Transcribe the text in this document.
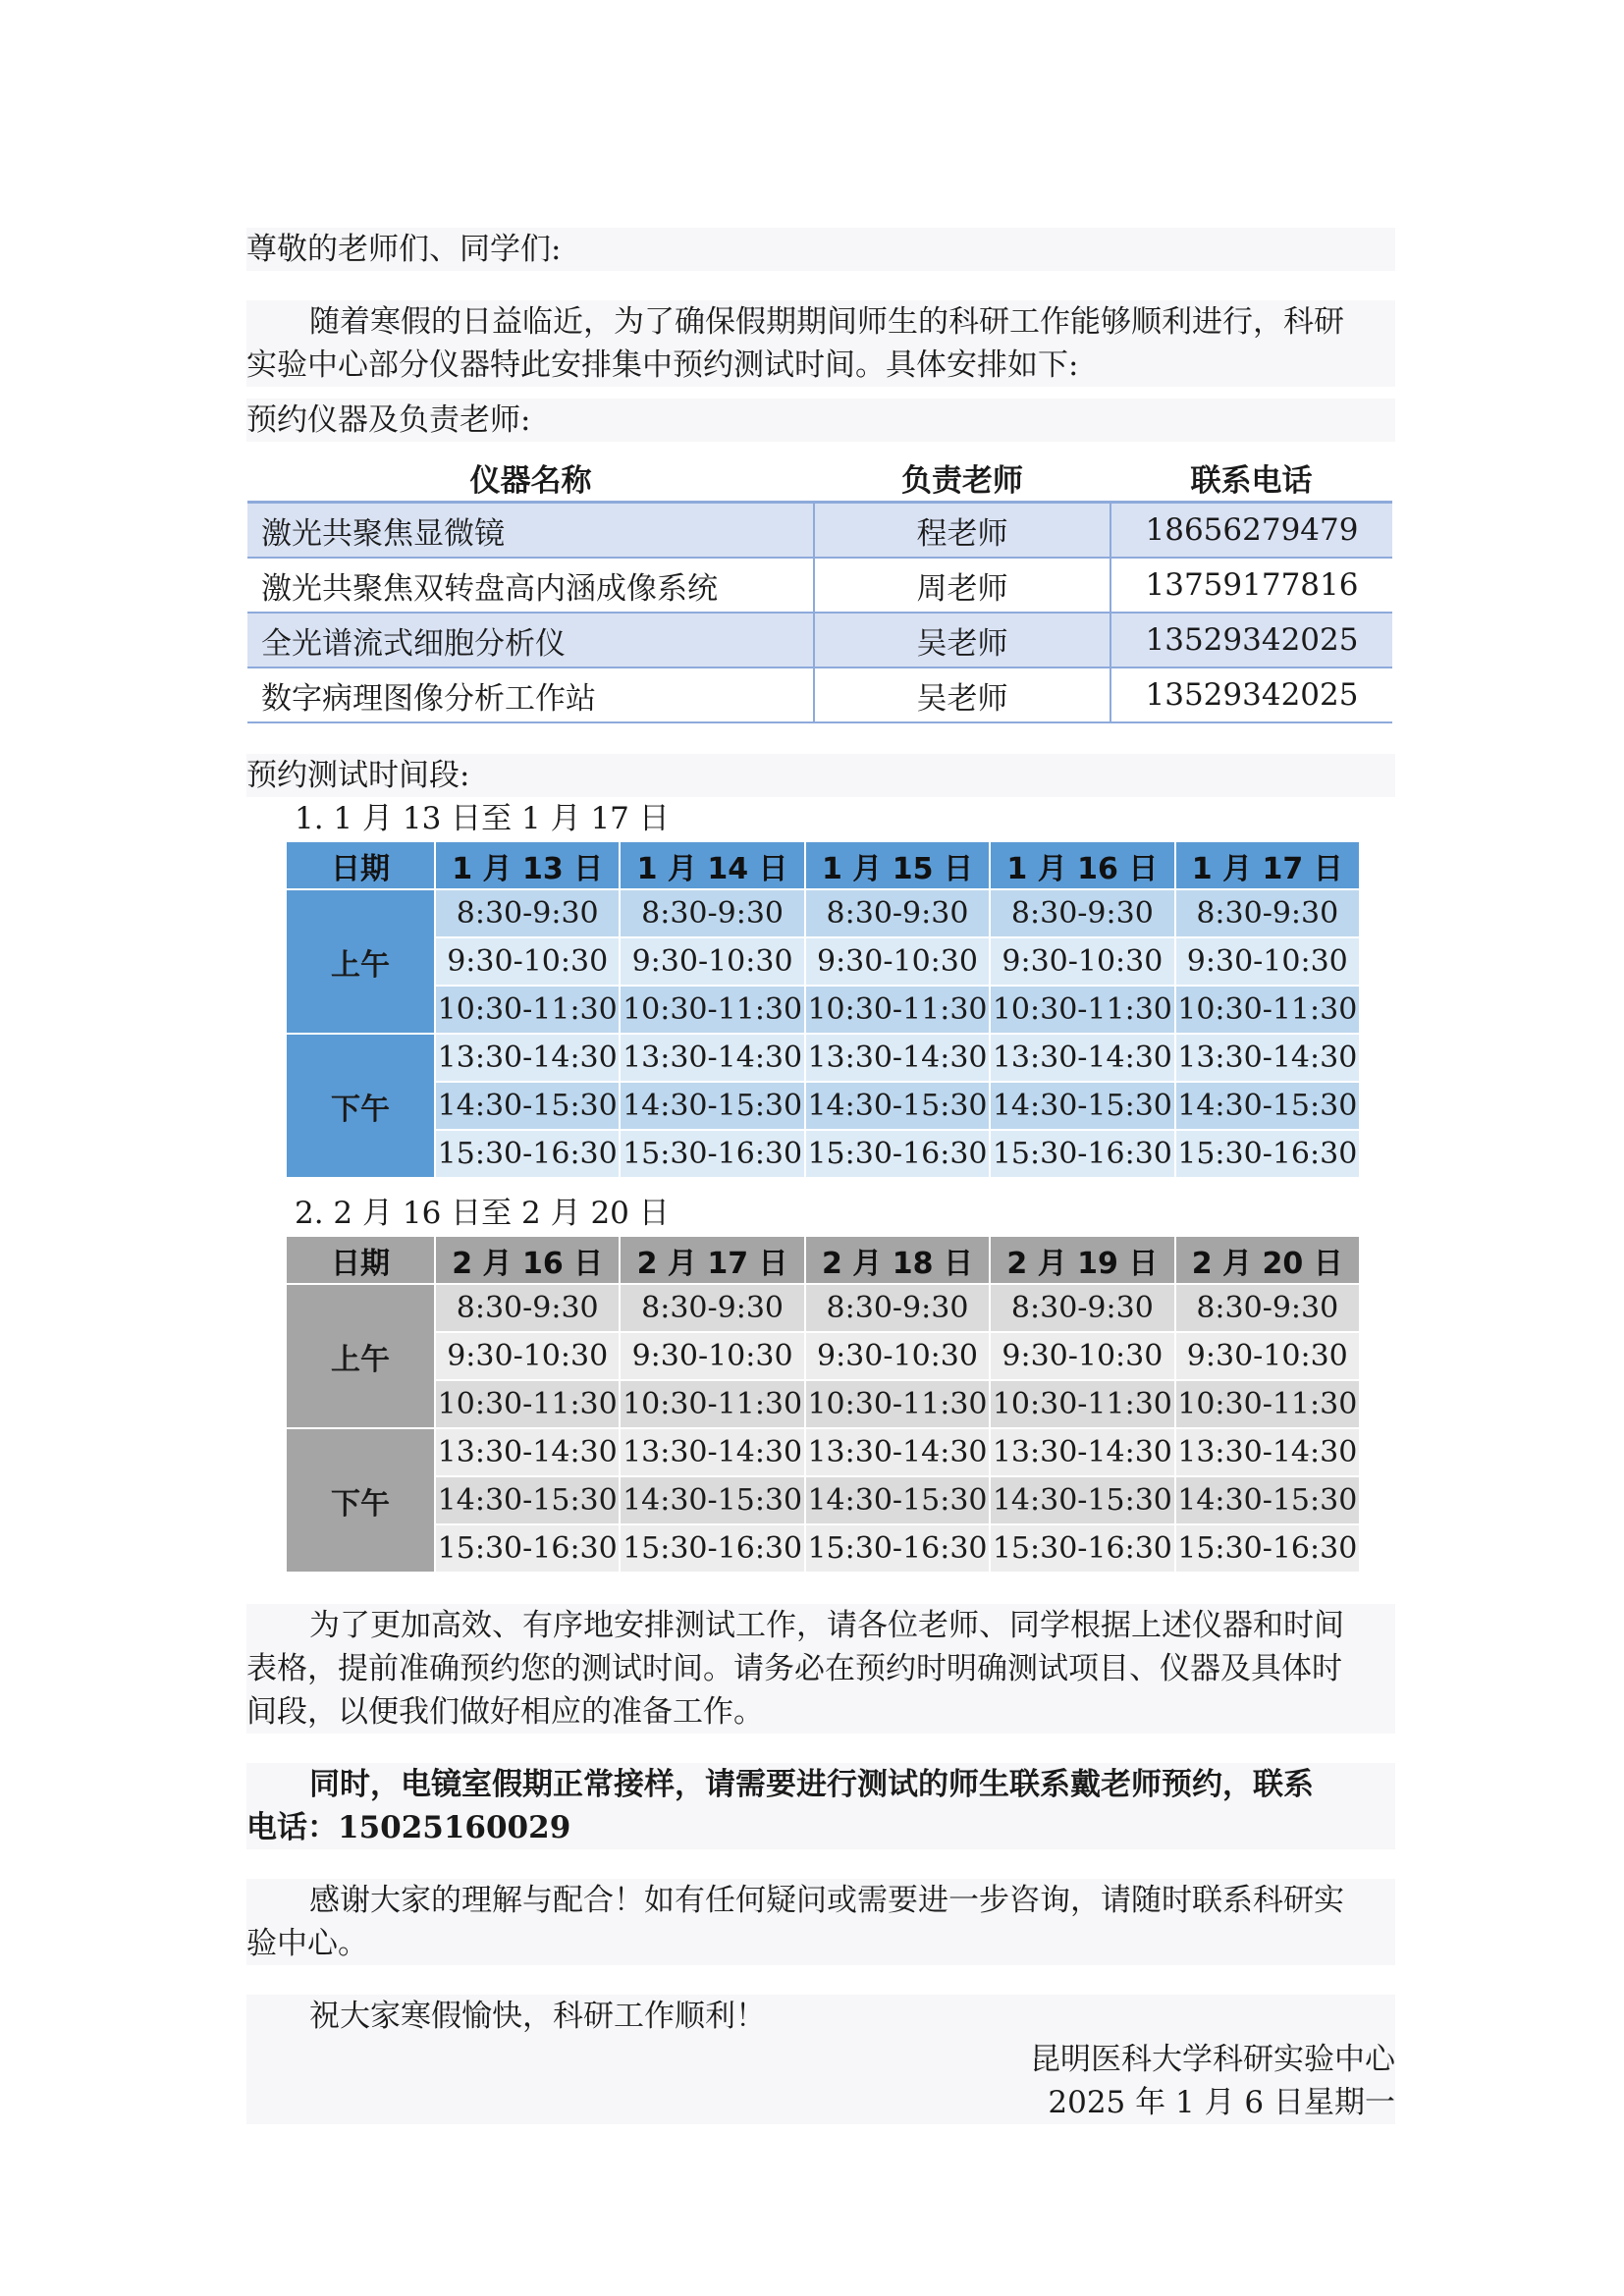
尊敬的老师们、同学们:
随着寒假的日益临近，为了确保假期期间师生的科研工作能够顺利进行，科研
实验中心部分仪器特此安排集中预约测试时间。具体安排如下:
预约仪器及负责老师:
仪器名称	负责老师	联系电话
激光共聚焦显微镜	程老师	18656279479
激光共聚焦双转盘高内涵成像系统	周老师	13759177816
全光谱流式细胞分析仪	吴老师	13529342025
数字病理图像分析工作站	吴老师	13529342025
预约测试时间段:
1. 1 月 13 日至 1 月 17 日
日期	1 月 13 日	1 月 14 日	1 月 15 日	1 月 16 日	1 月 17 日
上午	8:30-9:30	8:30-9:30	8:30-9:30	8:30-9:30	8:30-9:30
	9:30-10:30	9:30-10:30	9:30-10:30	9:30-10:30	9:30-10:30
	10:30-11:30	10:30-11:30	10:30-11:30	10:30-11:30	10:30-11:30
下午	13:30-14:30	13:30-14:30	13:30-14:30	13:30-14:30	13:30-14:30
	14:30-15:30	14:30-15:30	14:30-15:30	14:30-15:30	14:30-15:30
	15:30-16:30	15:30-16:30	15:30-16:30	15:30-16:30	15:30-16:30
2. 2 月 16 日至 2 月 20 日
日期	2 月 16 日	2 月 17 日	2 月 18 日	2 月 19 日	2 月 20 日
上午	8:30-9:30	8:30-9:30	8:30-9:30	8:30-9:30	8:30-9:30
	9:30-10:30	9:30-10:30	9:30-10:30	9:30-10:30	9:30-10:30
	10:30-11:30	10:30-11:30	10:30-11:30	10:30-11:30	10:30-11:30
下午	13:30-14:30	13:30-14:30	13:30-14:30	13:30-14:30	13:30-14:30
	14:30-15:30	14:30-15:30	14:30-15:30	14:30-15:30	14:30-15:30
	15:30-16:30	15:30-16:30	15:30-16:30	15:30-16:30	15:30-16:30
为了更加高效、有序地安排测试工作，请各位老师、同学根据上述仪器和时间
表格，提前准确预约您的测试时间。请务必在预约时明确测试项目、仪器及具体时
间段，以便我们做好相应的准备工作。
同时，电镜室假期正常接样，请需要进行测试的师生联系戴老师预约，联系
电话：15025160029
感谢大家的理解与配合！如有任何疑问或需要进一步咨询，请随时联系科研实
验中心。
祝大家寒假愉快，科研工作顺利！
昆明医科大学科研实验中心
2025 年 1 月 6 日星期一
